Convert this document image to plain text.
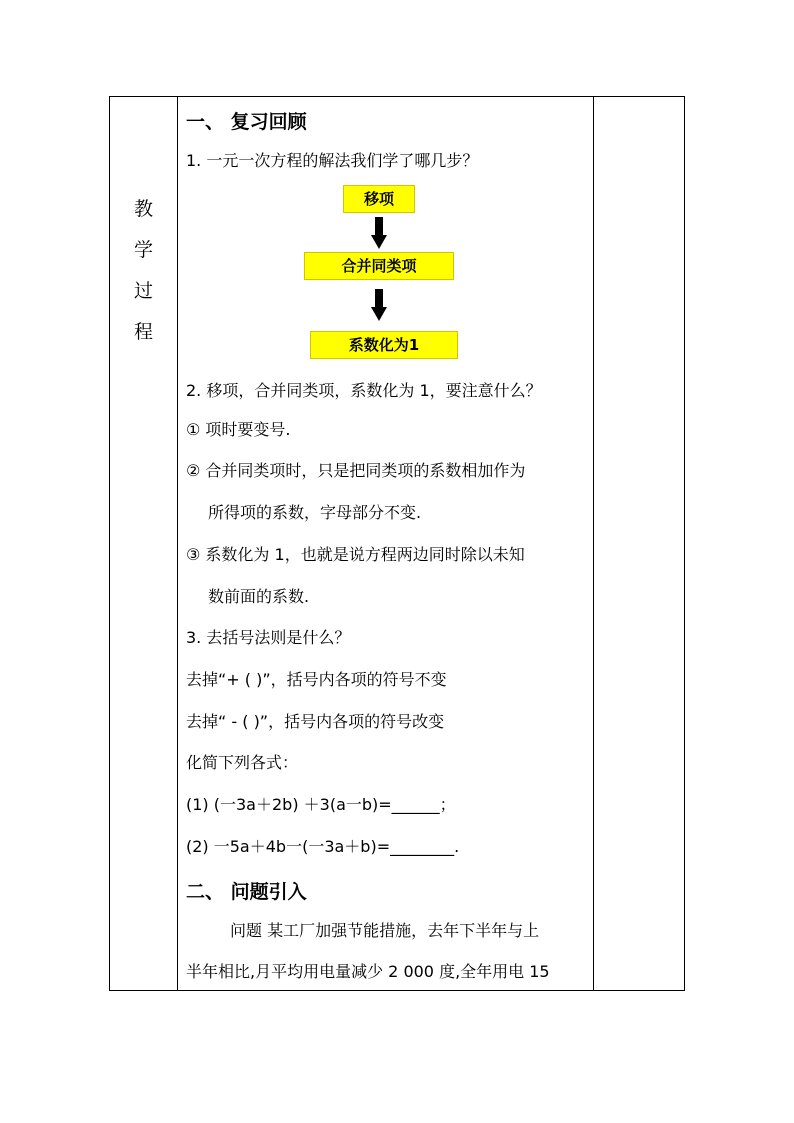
教
学
过
程
一、 复习回顾
1. 一元一次方程的解法我们学了哪几步？
移项
合并同类项
系数化为1
2. 移项，合并同类项，系数化为 1，要注意什么？
① 项时要变号.
② 合并同类项时，只是把同类项的系数相加作为
所得项的系数，字母部分不变.
③ 系数化为 1，也就是说方程两边同时除以未知
数前面的系数.
3. 去括号法则是什么？
去掉“+ ( )”，括号内各项的符号不变
去掉“ - ( )”，括号内各项的符号改变
化简下列各式：
(1) (一3a＋2b) ＋3(a一b)=______；
(2) 一5a＋4b一(一3a＋b)=________.
二、 问题引入
问题 某工厂加强节能措施，去年下半年与上
半年相比,月平均用电量减少 2 000 度,全年用电 15
